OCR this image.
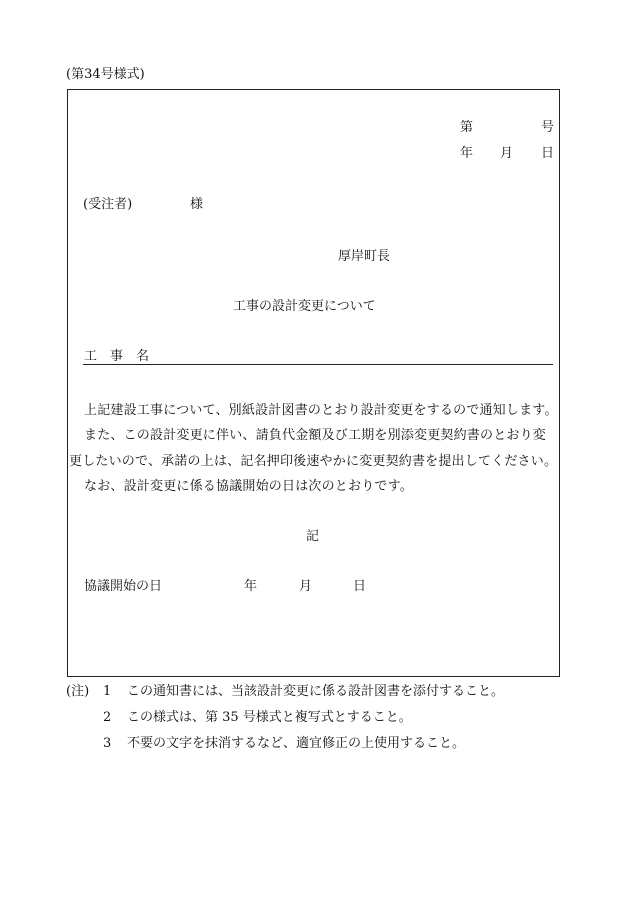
(第34号様式)
第	号
年 月 日
(受注者)	様
厚岸町長
工事の設計変更について
工　事　名
上記建設工事について、別紙設計図書のとおり設計変更をするので通知します。
また、この設計変更に伴い、請負代金額及び工期を別添変更契約書のとおり変
更したいので、承諾の上は、記名押印後速やかに変更契約書を提出してください。
なお、設計変更に係る協議開始の日は次のとおりです。
記
協議開始の日	年	月	日
(注) 1 この通知書には、当該設計変更に係る設計図書を添付すること。
2 この様式は、第 35 号様式と複写式とすること。
3 不要の文字を抹消するなど、適宜修正の上使用すること。
